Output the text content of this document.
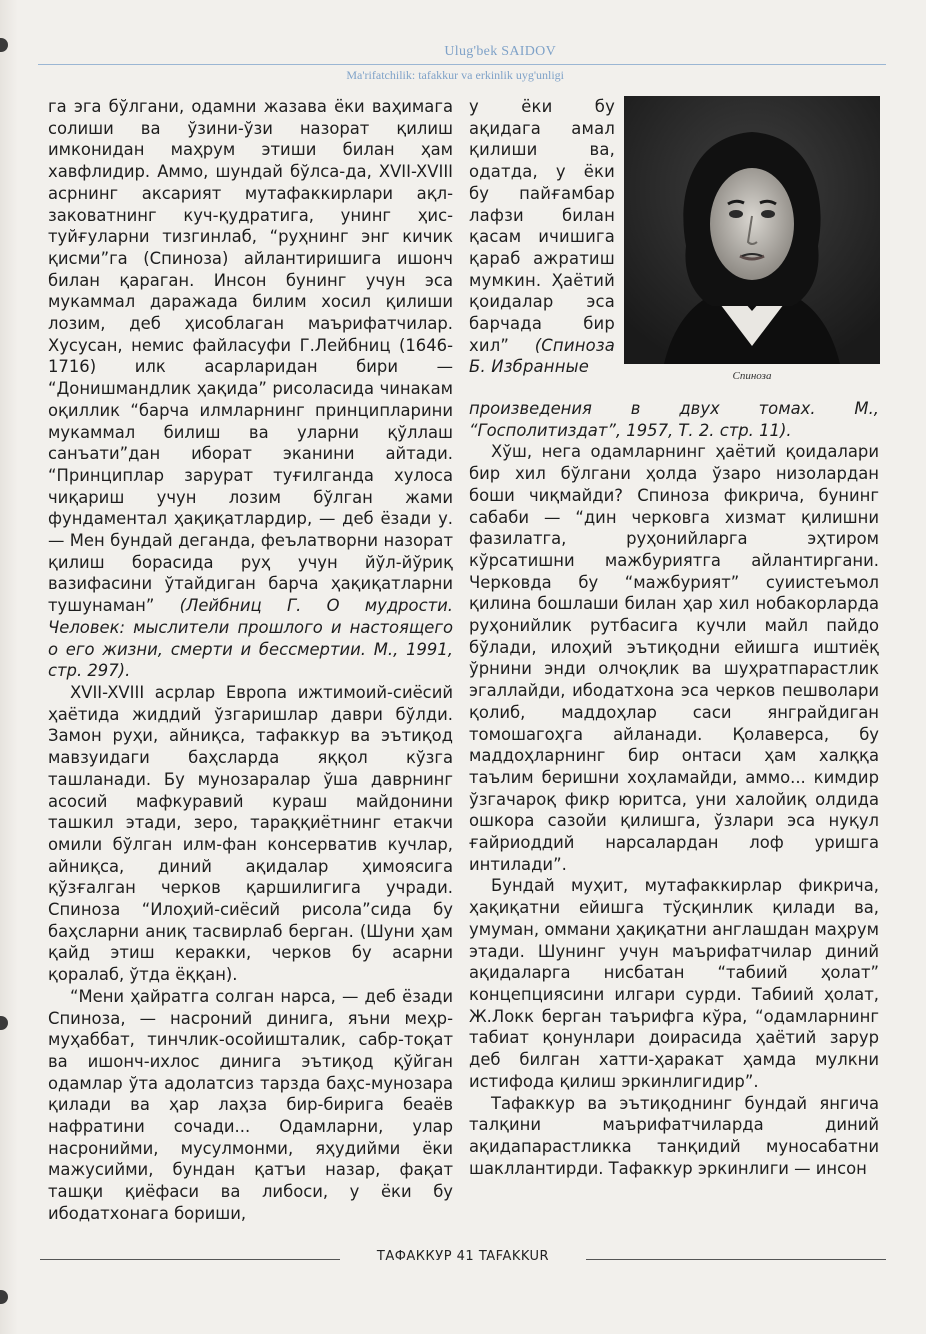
Ulug'bek SAIDOV
Ma'rifatchilik: tafakkur va erkinlik uyg'unligi

га эга бўлгани, одамни жазава ёки ваҳимага солиши ва ўзини-ўзи назорат қилиш имконидан маҳрум этиши билан ҳам хавфлидир. Аммо, шундай бўлса-да, XVII-XVIII асрнинг аксарият мутафаккирлари ақл-заковатнинг куч-қудратига, унинг ҳис-туйғуларни тизгинлаб, “руҳнинг энг кичик қисми”га (Спиноза) айлантиришига ишонч билан қараган. Инсон бунинг учун эса мукаммал даражада билим хосил қилиши лозим, деб ҳисоблаган маърифатчилар. Хусусан, немис файласуфи Г.Лейбниц (1646-1716) илк асарларидан бири — “Донишмандлик ҳақида” рисоласида чинакам оқиллик “барча илмларнинг принципларини мукаммал билиш ва уларни қўллаш санъати”дан иборат эканини айтади. “Принциплар зарурат туғилганда хулоса чиқариш учун лозим бўлган жами фундаментал ҳақиқатлардир, — деб ёзади у. — Мен бундай деганда, феълатворни назорат қилиш борасида руҳ учун йўл-йўриқ вазифасини ўтайдиган барча ҳақиқатларни тушунаман” (Лейбниц Г. О мудрости. Человек: мыслители прошлого и настоящего о его жизни, смерти и бессмертии. М., 1991, стр. 297).

XVII-XVIII асрлар Европа ижтимоий-сиёсий ҳаётида жиддий ўзгаришлар даври бўлди. Замон руҳи, айниқса, тафаккур ва эътиқод мавзуидаги баҳсларда яққол кўзга ташланади. Бу мунозаралар ўша даврнинг асосий мафкуравий кураш майдонини ташкил этади, зеро, тараққиётнинг етакчи омили бўлган илм-фан консерватив кучлар, айниқса, диний ақидалар ҳимоясига қўзғалган черков қаршилигига учради. Спиноза “Илоҳий-сиёсий рисола”сида бу баҳсларни аниқ тасвирлаб берган. (Шуни ҳам қайд этиш керакки, черков бу асарни қоралаб, ўтда ёққан).

“Мени ҳайратга солган нарса, — деб ёзади Спиноза, — насроний динига, яъни меҳр-муҳаббат, тинчлик-осойишталик, сабр-тоқат ва ишонч-ихлос динига эътиқод қўйган одамлар ўта адолатсиз тарзда баҳс-мунозара қилади ва ҳар лаҳза бир-бирига беаёв нафратини сочади... Одамларни, улар насронийми, мусулмонми, яҳудийми ёки мажусийми, бундан қатъи назар, фақат ташқи қиёфаси ва либоси, у ёки бу ибодатхонага бориши,

у ёки бу ақидага амал қилиши ва, одатда, у ёки бу пайғамбар лафзи билан қасам ичишига қараб ажратиш мумкин. Ҳаётий қоидалар эса барчада бир хил” (Спиноза Б. Избранные	Спиноза

произведения в двух томах. М., “Госполитиздат”, 1957, Т. 2. стр. 11).

Хўш, нега одамларнинг ҳаётий қоидалари бир хил бўлгани ҳолда ўзаро низолардан боши чиқмайди? Спиноза фикрича, бунинг сабаби — “дин черковга хизмат қилишни фазилатга, руҳонийларга эҳтиром кўрсатишни мажбуриятга айлантиргани. Черковда бу “мажбурият” суиистеъмол қилина бошлаши билан ҳар хил нобакорларда руҳонийлик рутбасига кучли майл пайдо бўлади, илоҳий эътиқодни ейишга иштиёқ ўрнини энди олчоқлик ва шуҳратпарастлик эгаллайди, ибодатхона эса черков пешволари қолиб, маддоҳлар саси янграйдиган томошагоҳга айланади. Қолаверса, бу маддоҳларнинг бир онтаси ҳам халққа таълим беришни хоҳламайди, аммо... кимдир ўзгачароқ фикр юритса, уни халойиқ олдида ошкора сазойи қилишга, ўзлари эса нуқул ғайриоддий нарсалардан лоф уришга интилади”.

Бундай муҳит, мутафаккирлар фикрича, ҳақиқатни ейишга тўсқинлик қилади ва, умуман, оммани ҳақиқатни англашдан маҳрум этади. Шунинг учун маърифатчилар диний ақидаларга нисбатан “табиий ҳолат” концепциясини илгари сурди. Табиий ҳолат, Ж.Локк берган таърифга кўра, “одамларнинг табиат қонунлари доирасида ҳаётий зарур деб билган хатти-ҳаракат ҳамда мулкни истифода қилиш эркинлигидир”.

Тафаккур ва эътиқоднинг бундай янгича талқини маърифатчиларда диний ақидапарастликка танқидий муносабатни шакллантирди. Тафаккур эркинлиги — инсон

ТАФАККУР 41 TAFAKKUR
